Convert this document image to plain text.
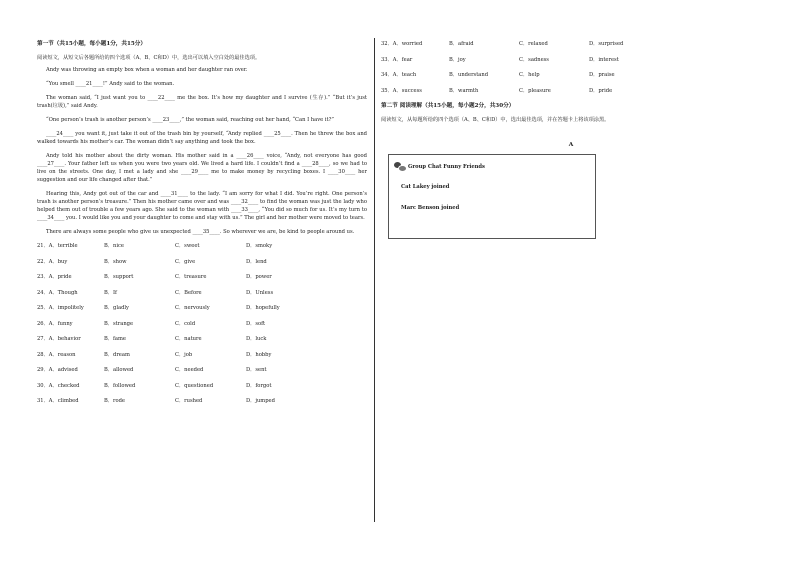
第一节（共15小题，每小题1分，共15分）
阅读短文，从短文后各题所给的四个选项（A、B、C和D）中，选出可以填入空白处的最佳选项。

Andy was throwing an empty box when a woman and her daughter ran over.

“You smell ____21____!” Andy said to the woman.

The woman said, “I just want you to ____22____ me the box. It’s how my daughter and I survive (生存).” “But it’s just trash(垃圾),” said Andy.

“One person’s trash is another person’s ____23____,” the woman said, reaching out her hand, “Can I have it?”

____24____ you want it, just take it out of the trash bin by yourself, “Andy replied ____25____. Then he threw the box and walked towards his mother’s car. The woman didn’t say anything and took the box.

Andy told his mother about the dirty woman. His mother said in a ____26____ voice, “Andy, not everyone has good ____27____. Your father left us when you were two years old. We lived a hard life. I couldn’t find a ____28____, so we had to live on the streets. One day, I met a lady and she ____29____ me to make money by recycling boxes. I ____30____ her suggestion and our life changed after that.”

Hearing this, Andy got out of the car and ____31____ to the lady. “I am sorry for what I did. You’re right. One person’s trash is another person’s treasure.” Then his mother came over and was ____32____ to find the woman was just the lady who helped them out of trouble a few years ago. She said to the woman with ____33____, “You did so much for us. It’s my turn to ____34____ you. I would like you and your daughter to come and stay with us.” The girl and her mother were moved to tears.

There are always some people who give us unexpected ____35____. So wherever we are, be kind to people around us.

21．A．terrible	B．nice	C．sweet	D．smoky
22．A．buy	B．show	C．give	D．lend
23．A．pride	B．support	C．treasure	D．power
24．A．Though	B．If	C．Before	D．Unless
25．A．impolitely	B．gladly	C．nervously	D．hopefully
26．A．funny	B．strange	C．cold	D．soft
27．A．behavior	B．fame	C．nature	D．luck
28．A．reason	B．dream	C．job	D．hobby
29．A．advised	B．allowed	C．needed	D．sent
30．A．checked	B．followed	C．questioned	D．forgot
31．A．climbed	B．rode	C．rushed	D．jumped
32．A．worried	B．afraid	C．relaxed	D．surprised
33．A．fear	B．joy	C．sadness	D．interest
34．A．teach	B．understand	C．help	D．praise
35．A．success	B．warmth	C．pleasure	D．pride
第二节 阅读理解（共15小题，每小题2分，共30分）
阅读短文，从每题所给的四个选项（A、B、C和D）中，选出最佳选项，并在答题卡上将该项涂黑。
A
Group Chat Funny Friends
Cat Lakey joined
Marc Benson joined
